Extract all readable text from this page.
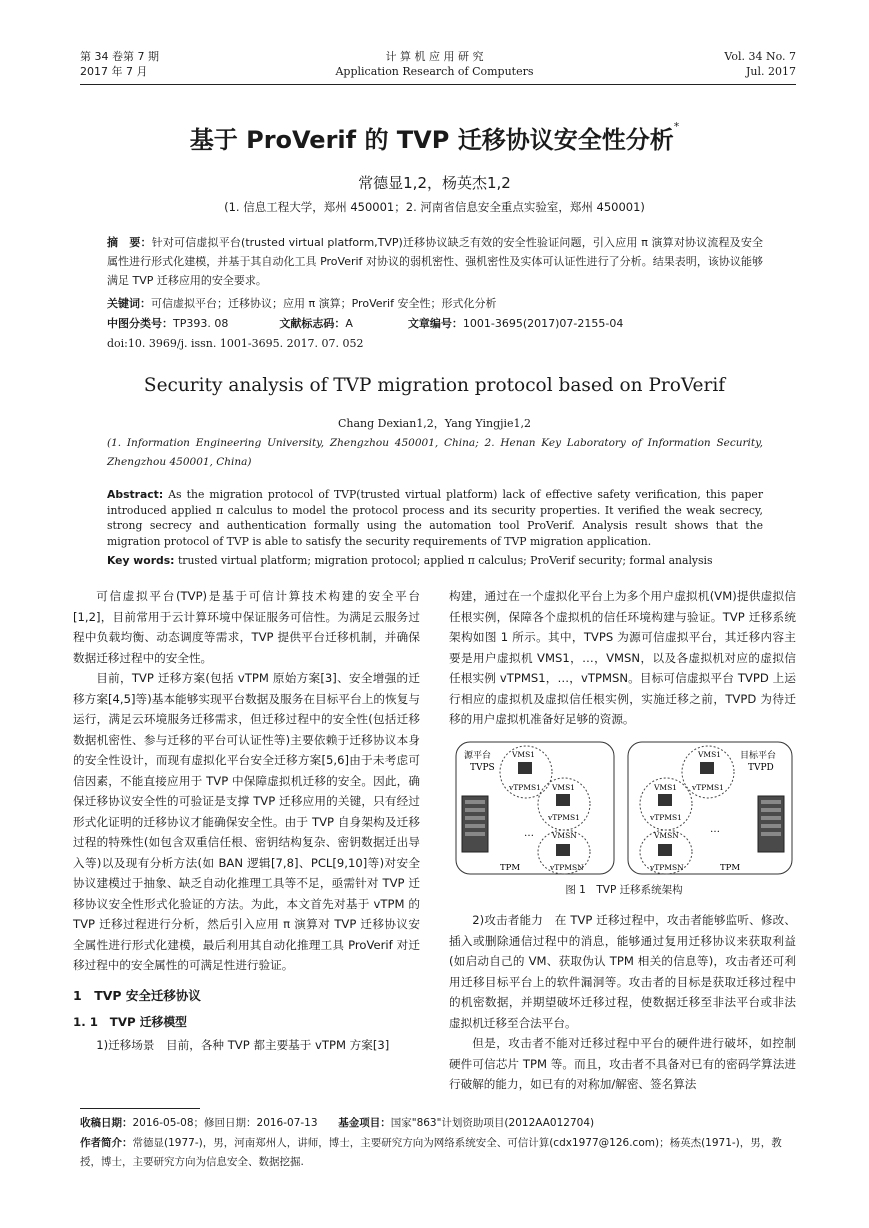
第 34 卷第 7 期
2017 年 7 月
计 算 机 应 用 研 究
Application Research of Computers
Vol. 34 No. 7
Jul. 2017
基于 ProVerif 的 TVP 迁移协议安全性分析*
常德显1,2，杨英杰1,2
(1. 信息工程大学，郑州 450001；2. 河南省信息安全重点实验室，郑州 450001)
摘　要：针对可信虚拟平台(trusted virtual platform,TVP)迁移协议缺乏有效的安全性验证问题，引入应用 π 演算对协议流程及安全属性进行形式化建模，并基于其自动化工具 ProVerif 对协议的弱机密性、强机密性及实体可认证性进行了分析。结果表明，该协议能够满足 TVP 迁移应用的安全要求。
关键词：可信虚拟平台；迁移协议；应用 π 演算；ProVerif 安全性；形式化分析
中图分类号：TP393. 08	文献标志码：A	文章编号：1001-3695(2017)07-2155-04
doi:10. 3969/j. issn. 1001-3695. 2017. 07. 052
Security analysis of TVP migration protocol based on ProVerif
Chang Dexian1,2，Yang Yingjie1,2
(1. Information Engineering University, Zhengzhou 450001, China; 2. Henan Key Laboratory of Information Security, Zhengzhou 450001, China)
Abstract: As the migration protocol of TVP(trusted virtual platform) lack of effective safety verification, this paper introduced applied π calculus to model the protocol process and its security properties. It verified the weak secrecy, strong secrecy and authentication formally using the automation tool ProVerif. Analysis result shows that the migration protocol of TVP is able to satisfy the security requirements of TVP migration application.
Key words: trusted virtual platform; migration protocol; applied π calculus; ProVerif security; formal analysis

可信虚拟平台(TVP)是基于可信计算技术构建的安全平台[1,2]，目前常用于云计算环境中保证服务可信性。为满足云服务过程中负载均衡、动态调度等需求，TVP 提供平台迁移机制，并确保数据迁移过程中的安全性。

目前，TVP 迁移方案(包括 vTPM 原始方案[3]、安全增强的迁移方案[4,5]等)基本能够实现平台数据及服务在目标平台上的恢复与运行，满足云环境服务迁移需求，但迁移过程中的安全性(包括迁移数据机密性、参与迁移的平台可认证性等)主要依赖于迁移协议本身的安全性设计，而现有虚拟化平台安全迁移方案[5,6]由于未考虑可信因素，不能直接应用于 TVP 中保障虚拟机迁移的安全。因此，确保迁移协议安全性的可验证是支撑 TVP 迁移应用的关键，只有经过形式化证明的迁移协议才能确保安全性。由于 TVP 自身架构及迁移过程的特殊性(如包含双重信任根、密钥结构复杂、密钥数据迁出导入等)以及现有分析方法(如 BAN 逻辑[7,8]、PCL[9,10]等)对安全协议建模过于抽象、缺乏自动化推理工具等不足，亟需针对 TVP 迁移协议安全性形式化验证的方法。为此，本文首先对基于 vTPM 的 TVP 迁移过程进行分析，然后引入应用 π 演算对 TVP 迁移协议安全属性进行形式化建模，最后利用其自动化推理工具 ProVerif 对迁移过程中的安全属性的可满足性进行验证。

1　TVP 安全迁移协议

1. 1　TVP 迁移模型

1)迁移场景　目前，各种 TVP 都主要基于 vTPM 方案[3]

构建，通过在一个虚拟化平台上为多个用户虚拟机(VM)提供虚拟信任根实例，保障各个虚拟机的信任环境构建与验证。TVP 迁移系统架构如图 1 所示。其中，TVPS 为源可信虚拟平台，其迁移内容主要是用户虚拟机 VMS1，…，VMSN，以及各虚拟机对应的虚拟信任根实例 vTPMS1，…，vTPMSN。目标可信虚拟平台 TVPD 上运行相应的虚拟机及虚拟信任根实例，实施迁移之前，TVPD 为待迁移的用户虚拟机准备好足够的资源。

源平台
TVPS
目标平台
TVPD
VMS1
vTPMS1 VMS1
vTPMS1
VMSN
vTPMSN
…
VMS1
vTPMS1
VMS1
vTPMS1
VMSN
vTPMSN
…
TPM	TPM
图 1　TVP 迁移系统架构

2)攻击者能力　在 TVP 迁移过程中，攻击者能够监听、修改、插入或删除通信过程中的消息，能够通过复用迁移协议来获取利益(如启动自己的 VM、获取伪认 TPM 相关的信息等)，攻击者还可利用迁移目标平台上的软件漏洞等。攻击者的目标是获取迁移过程中的机密数据，并期望破坏迁移过程，使数据迁移至非法平台或非法虚拟机迁移至合法平台。

但是，攻击者不能对迁移过程中平台的硬件进行破坏，如控制硬件可信芯片 TPM 等。而且，攻击者不具备对已有的密码学算法进行破解的能力，如已有的对称加/解密、签名算法

收稿日期：2016-05-08；修回日期：2016-07-13 基金项目：国家"863"计划资助项目(2012AA012704)
作者简介：常德显(1977-)，男，河南郑州人，讲师，博士，主要研究方向为网络系统安全、可信计算(cdx1977@126.com)；杨英杰(1971-)，男，教授，博士，主要研究方向为信息安全、数据挖掘.
